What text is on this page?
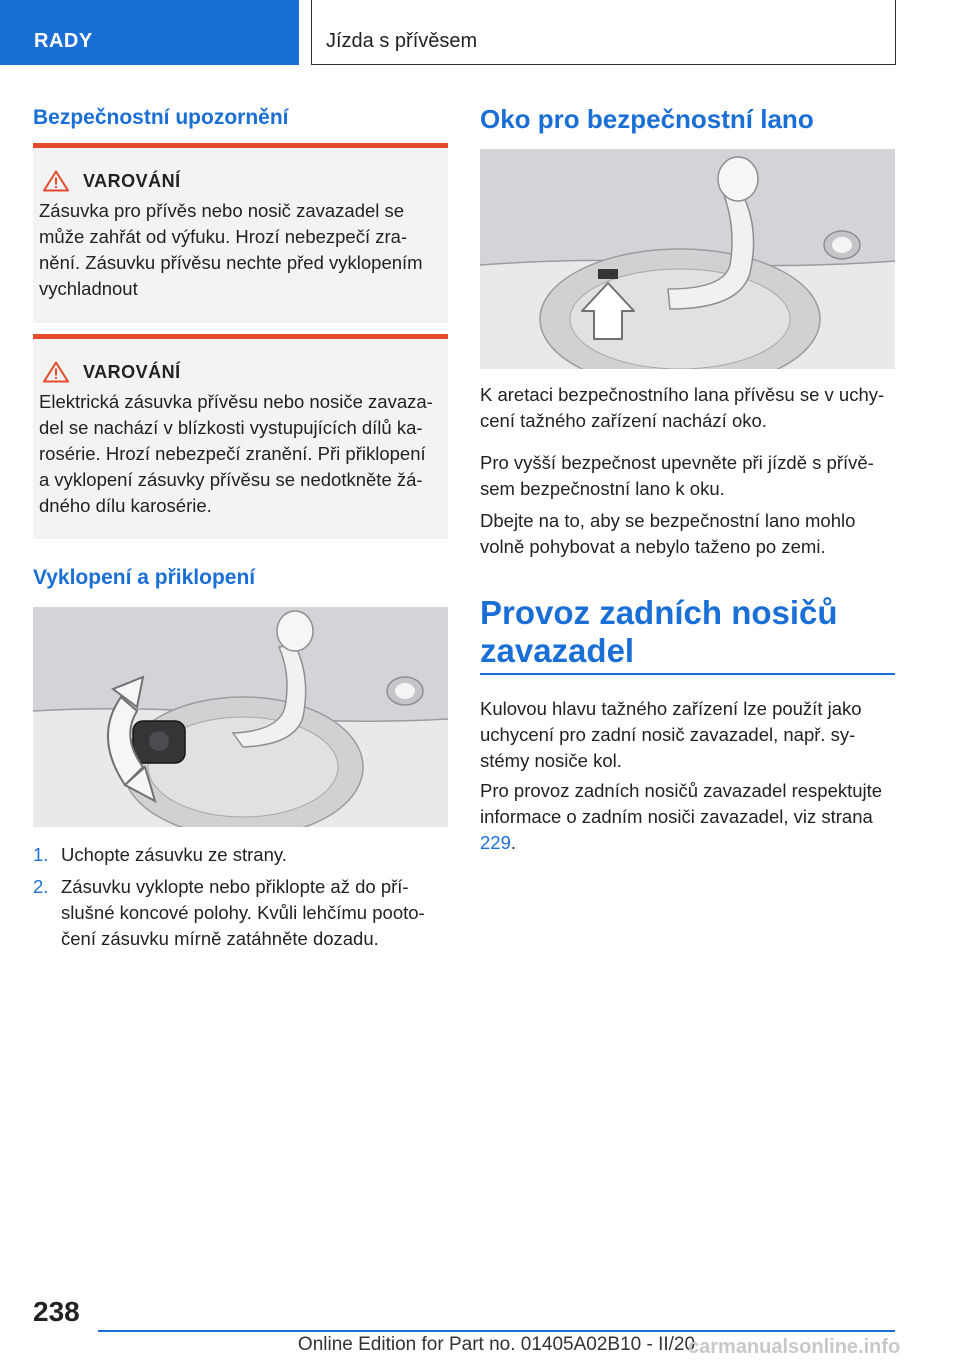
RADY	Jízda s přívěsem
Bezpečnostní upozornění
VAROVÁNÍ
Zásuvka pro přívěs nebo nosič zavazadel se může zahřát od výfuku. Hrozí nebezpečí zra- nění. Zásuvku přívěsu nechte před vyklopením vychladnout
VAROVÁNÍ
Elektrická zásuvka přívěsu nebo nosiče zavaza- del se nachází v blízkosti vystupujících dílů ka- rosérie. Hrozí nebezpečí zranění. Při přiklopení a vyklopení zásuvky přívěsu se nedotkněte žá- dného dílu karosérie.
Vyklopení a přiklopení
1. Uchopte zásuvku ze strany.
2. Zásuvku vyklopte nebo přiklopte až do pří- slušné koncové polohy. Kvůli lehčímu pooto- čení zásuvku mírně zatáhněte dozadu.
Oko pro bezpečnostní lano
K aretaci bezpečnostního lana přívěsu se v uchy- cení tažného zařízení nachází oko.
Pro vyšší bezpečnost upevněte při jízdě s přívě- sem bezpečnostní lano k oku.
Dbejte na to, aby se bezpečnostní lano mohlo volně pohybovat a nebylo taženo po zemi.
Provoz zadních nosičů
zavazadel
Kulovou hlavu tažného zařízení lze použít jako uchycení pro zadní nosič zavazadel, např. sy- stémy nosiče kol.
Pro provoz zadních nosičů zavazadel respektujte informace o zadním nosiči zavazadel, viz strana 229.
238
Online Edition for Part no. 01405A02B10 - II/20
carmanualsonline.info
